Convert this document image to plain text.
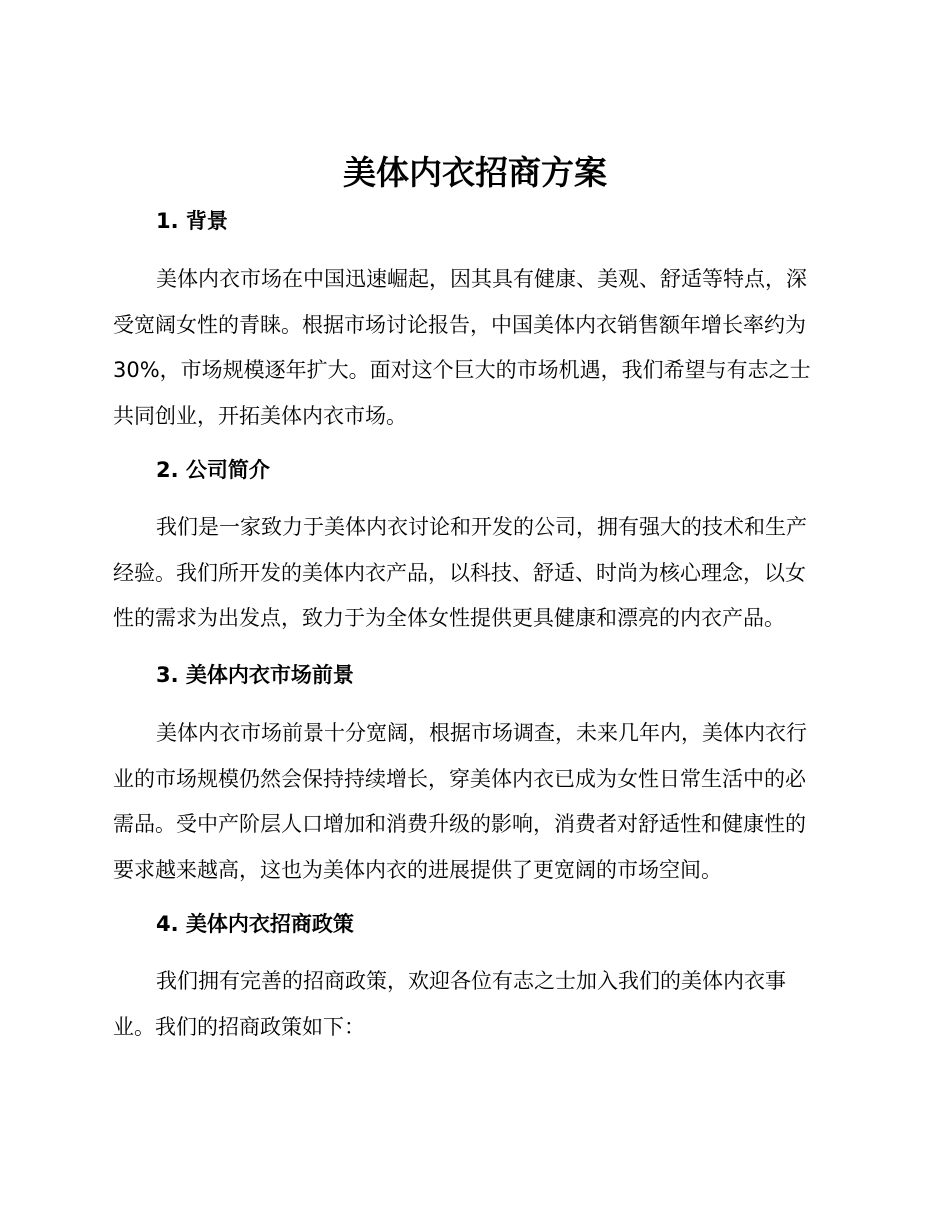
美体内衣招商方案
1. 背景

美体内衣市场在中国迅速崛起，因其具有健康、美观、舒适等特点，深
受宽阔女性的青睐。根据市场讨论报告，中国美体内衣销售额年增长率约为
30%，市场规模逐年扩大。面对这个巨大的市场机遇，我们希望与有志之士
共同创业，开拓美体内衣市场。

2. 公司简介

我们是一家致力于美体内衣讨论和开发的公司，拥有强大的技术和生产
经验。我们所开发的美体内衣产品，以科技、舒适、时尚为核心理念，以女
性的需求为出发点，致力于为全体女性提供更具健康和漂亮的内衣产品。

3. 美体内衣市场前景

美体内衣市场前景十分宽阔，根据市场调查，未来几年内，美体内衣行
业的市场规模仍然会保持持续增长，穿美体内衣已成为女性日常生活中的必
需品。受中产阶层人口增加和消费升级的影响，消费者对舒适性和健康性的
要求越来越高，这也为美体内衣的进展提供了更宽阔的市场空间。

4. 美体内衣招商政策

我们拥有完善的招商政策，欢迎各位有志之士加入我们的美体内衣事
业。我们的招商政策如下：
